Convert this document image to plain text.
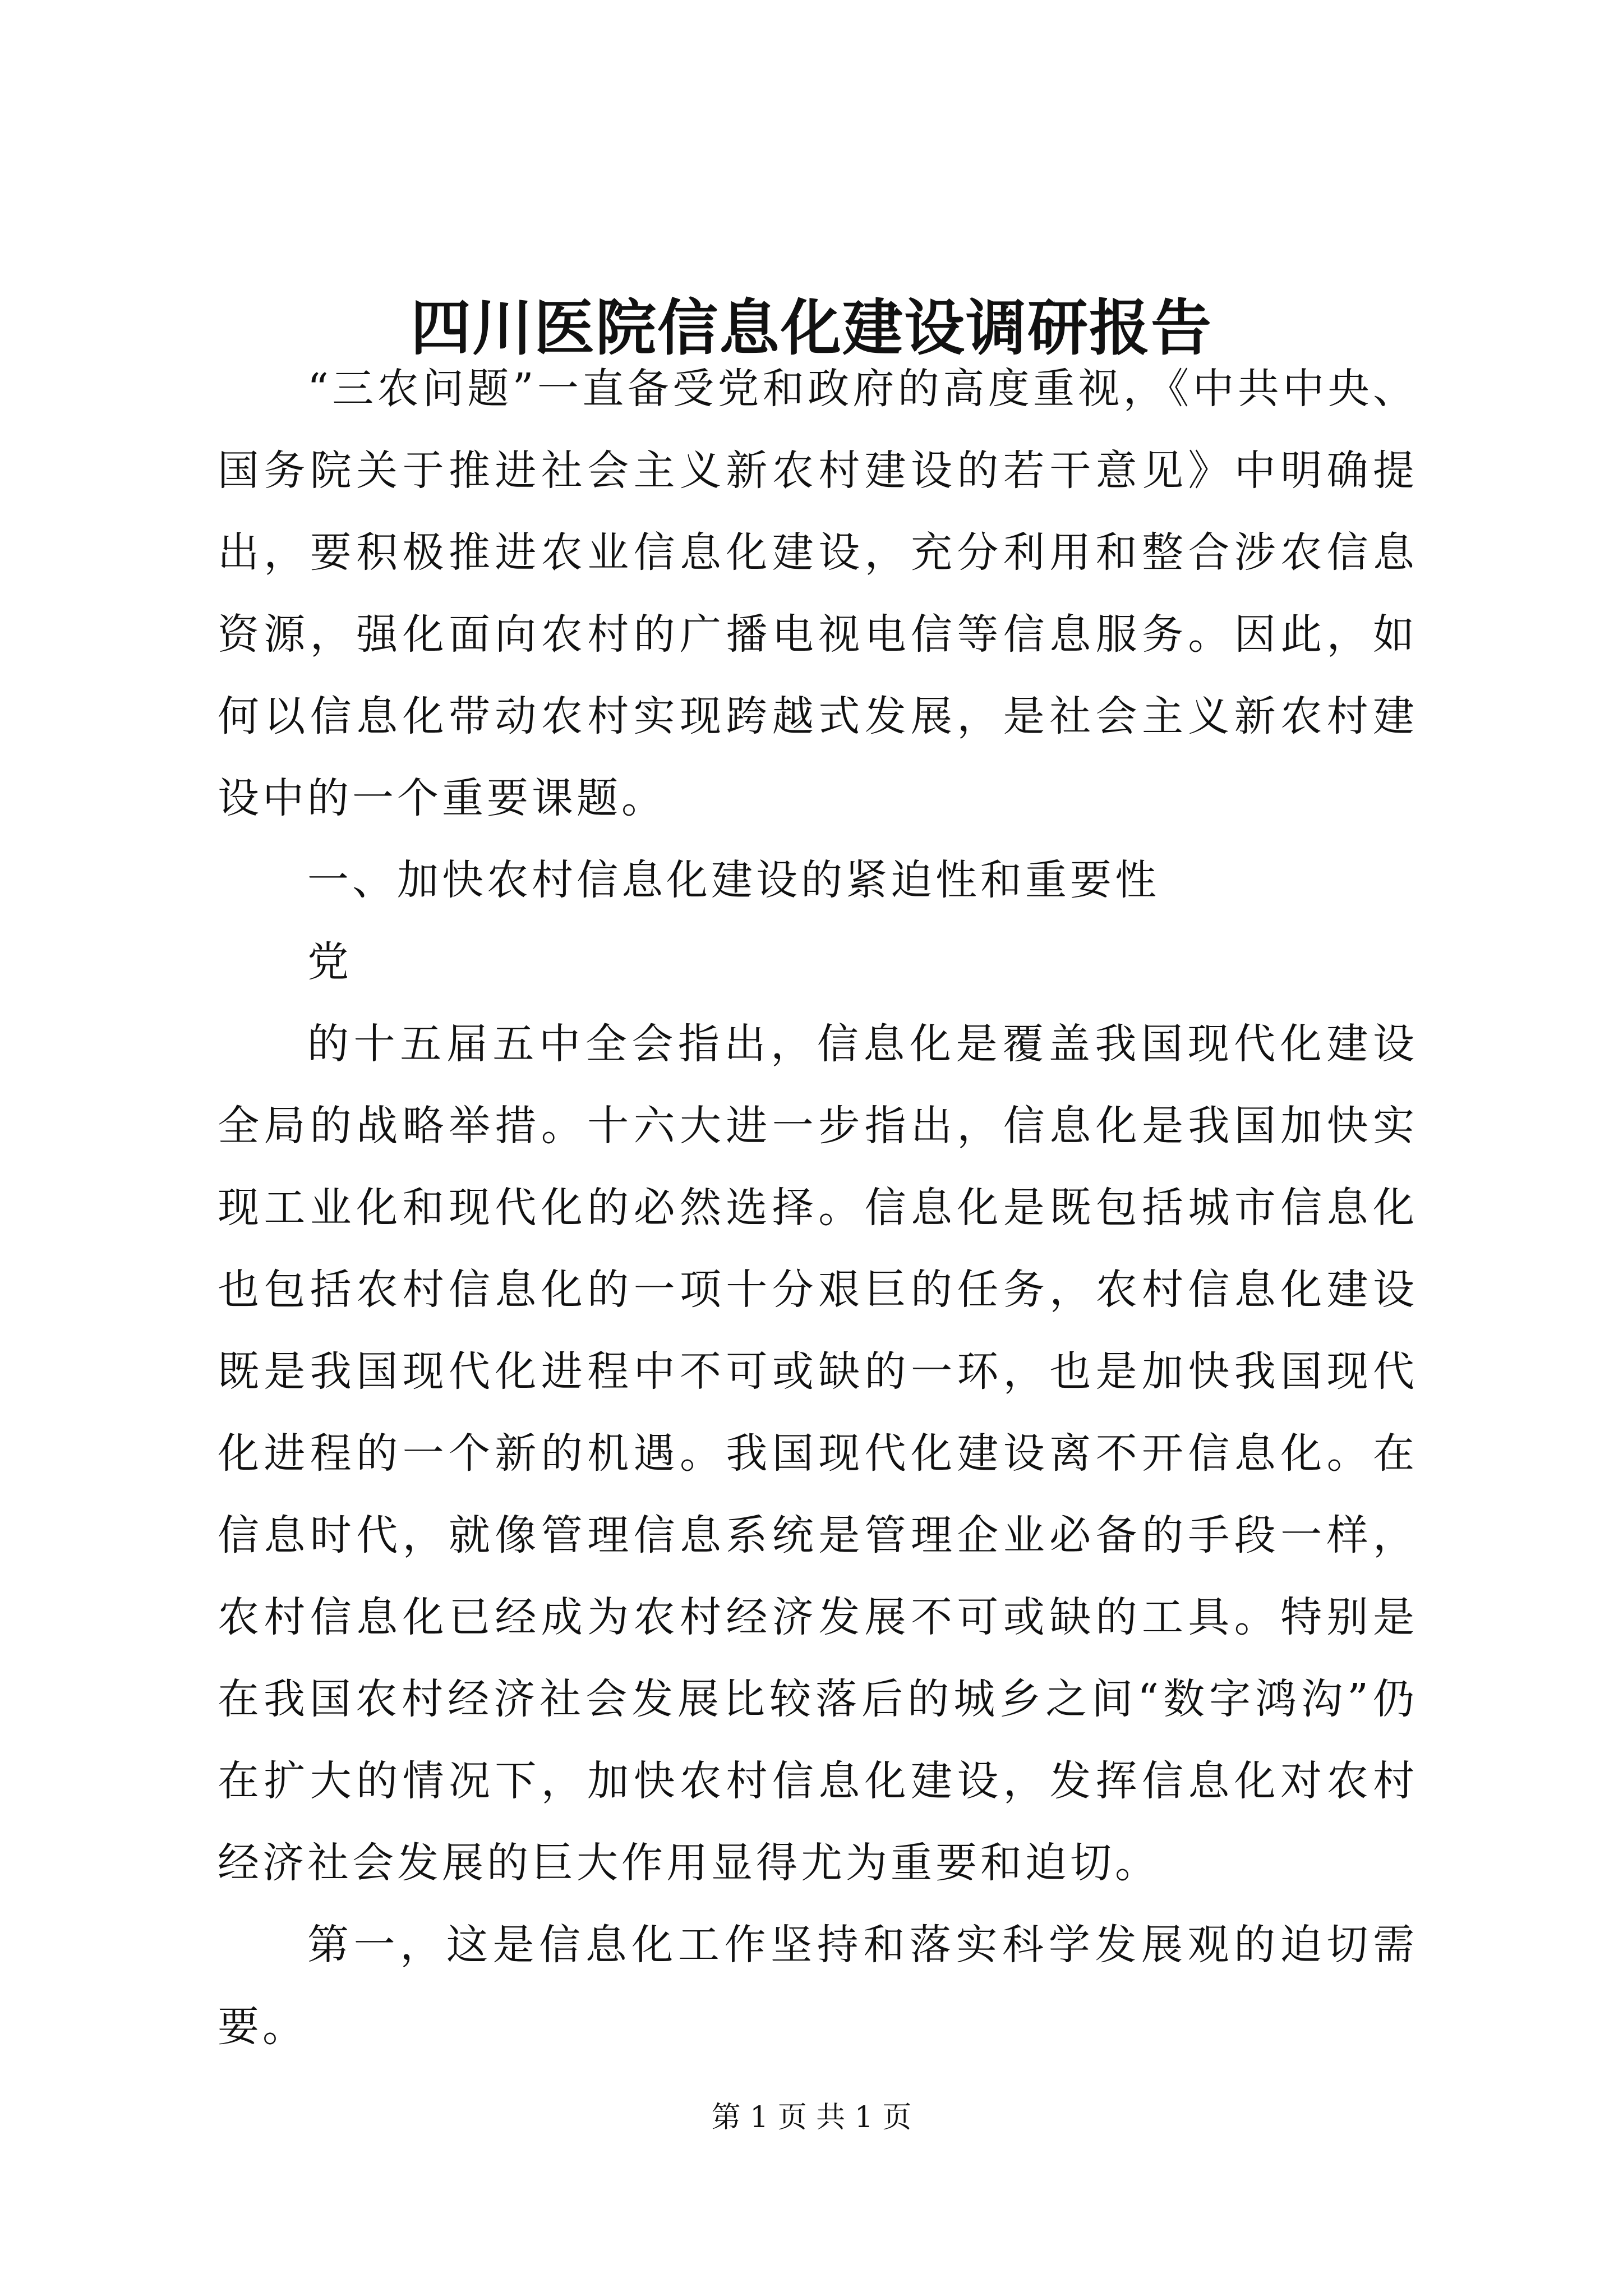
四川医院信息化建设调研报告

“三农问题”一直备受党和政府的高度重视，《中共中央、国务院关于推进社会主义新农村建设的若干意见》中明确提出，要积极推进农业信息化建设，充分利用和整合涉农信息资源，强化面向农村的广播电视电信等信息服务。因此，如何以信息化带动农村实现跨越式发展，是社会主义新农村建设中的一个重要课题。

一、加快农村信息化建设的紧迫性和重要性

党

的十五届五中全会指出，信息化是覆盖我国现代化建设全局的战略举措。十六大进一步指出，信息化是我国加快实现工业化和现代化的必然选择。信息化是既包括城市信息化也包括农村信息化的一项十分艰巨的任务，农村信息化建设既是我国现代化进程中不可或缺的一环，也是加快我国现代化进程的一个新的机遇。我国现代化建设离不开信息化。在信息时代，就像管理信息系统是管理企业必备的手段一样，农村信息化已经成为农村经济发展不可或缺的工具。特别是在我国农村经济社会发展比较落后的城乡之间“数字鸿沟”仍在扩大的情况下，加快农村信息化建设，发挥信息化对农村经济社会发展的巨大作用显得尤为重要和迫切。

第一，这是信息化工作坚持和落实科学发展观的迫切需要。

第 1 页 共 1 页
